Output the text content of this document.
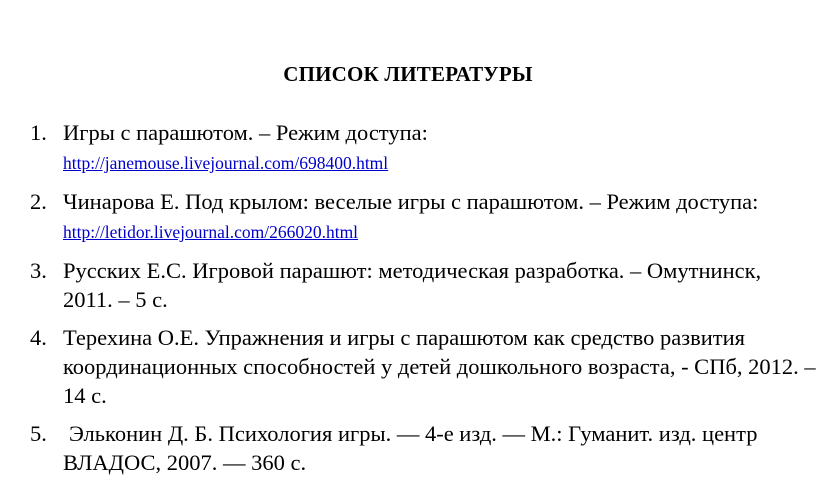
СПИСОК ЛИТЕРАТУРЫ
1. Игры с парашютом. – Режим доступа:
http://janemouse.livejournal.com/698400.html
2. Чинарова Е. Под крылом: веселые игры с парашютом. – Режим доступа: http://letidor.livejournal.com/266020.html
3. Русских Е.С. Игровой парашют: методическая разработка. – Омутнинск, 2011. – 5 с.
4. Терехина О.Е. Упражнения и игры с парашютом как средство развития координационных способностей у детей дошкольного возраста, - СПб, 2012. – 14 с.
5. Эльконин Д. Б. Психология игры. — 4-е изд. — М.: Гуманит. изд. центр ВЛАДОС, 2007. — 360 с.
